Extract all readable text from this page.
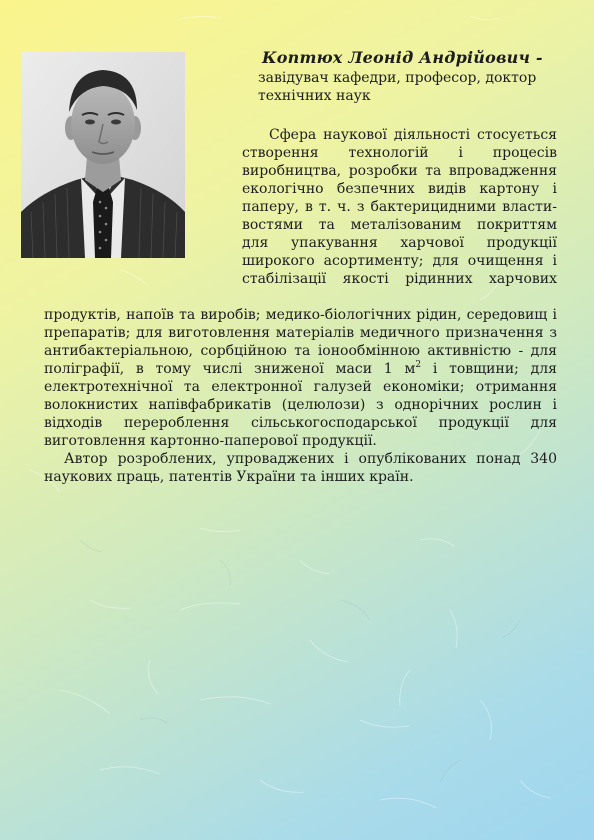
Коптюх Леонід Андрійович -
завідувач кафедри, професор, доктор
технічних наук
Сфера наукової діяльності стосується
створення технологій і процесів
виробництва, розробки та впровадження
екологічно безпечних видів картону і
паперу, в т. ч. з бактерицидними власти-
востями та металізованим покриттям
для упакування харчової продукції
широкого асортименту; для очищення і
стабілізації якості рідинних харчових
продуктів, напоїв та виробів; медико-біологічних рідин, середовищ і
препаратів; для виготовлення матеріалів медичного призначення з
антибактеріальною, сорбційною та іонообмінною активністю - для
поліграфії, в тому числі зниженої маси 1 $м^2$ і товщини; для
електротехнічної та електронної галузей економіки; отримання
волокнистих напівфабрикатів (целюлози) з однорічних рослин і
відходів перероблення сільськогосподарської продукції для
виготовлення картонно-паперової продукції.
Автор розроблених, упроваджених і опублікованих понад 340
наукових праць, патентів України та інших країн.
